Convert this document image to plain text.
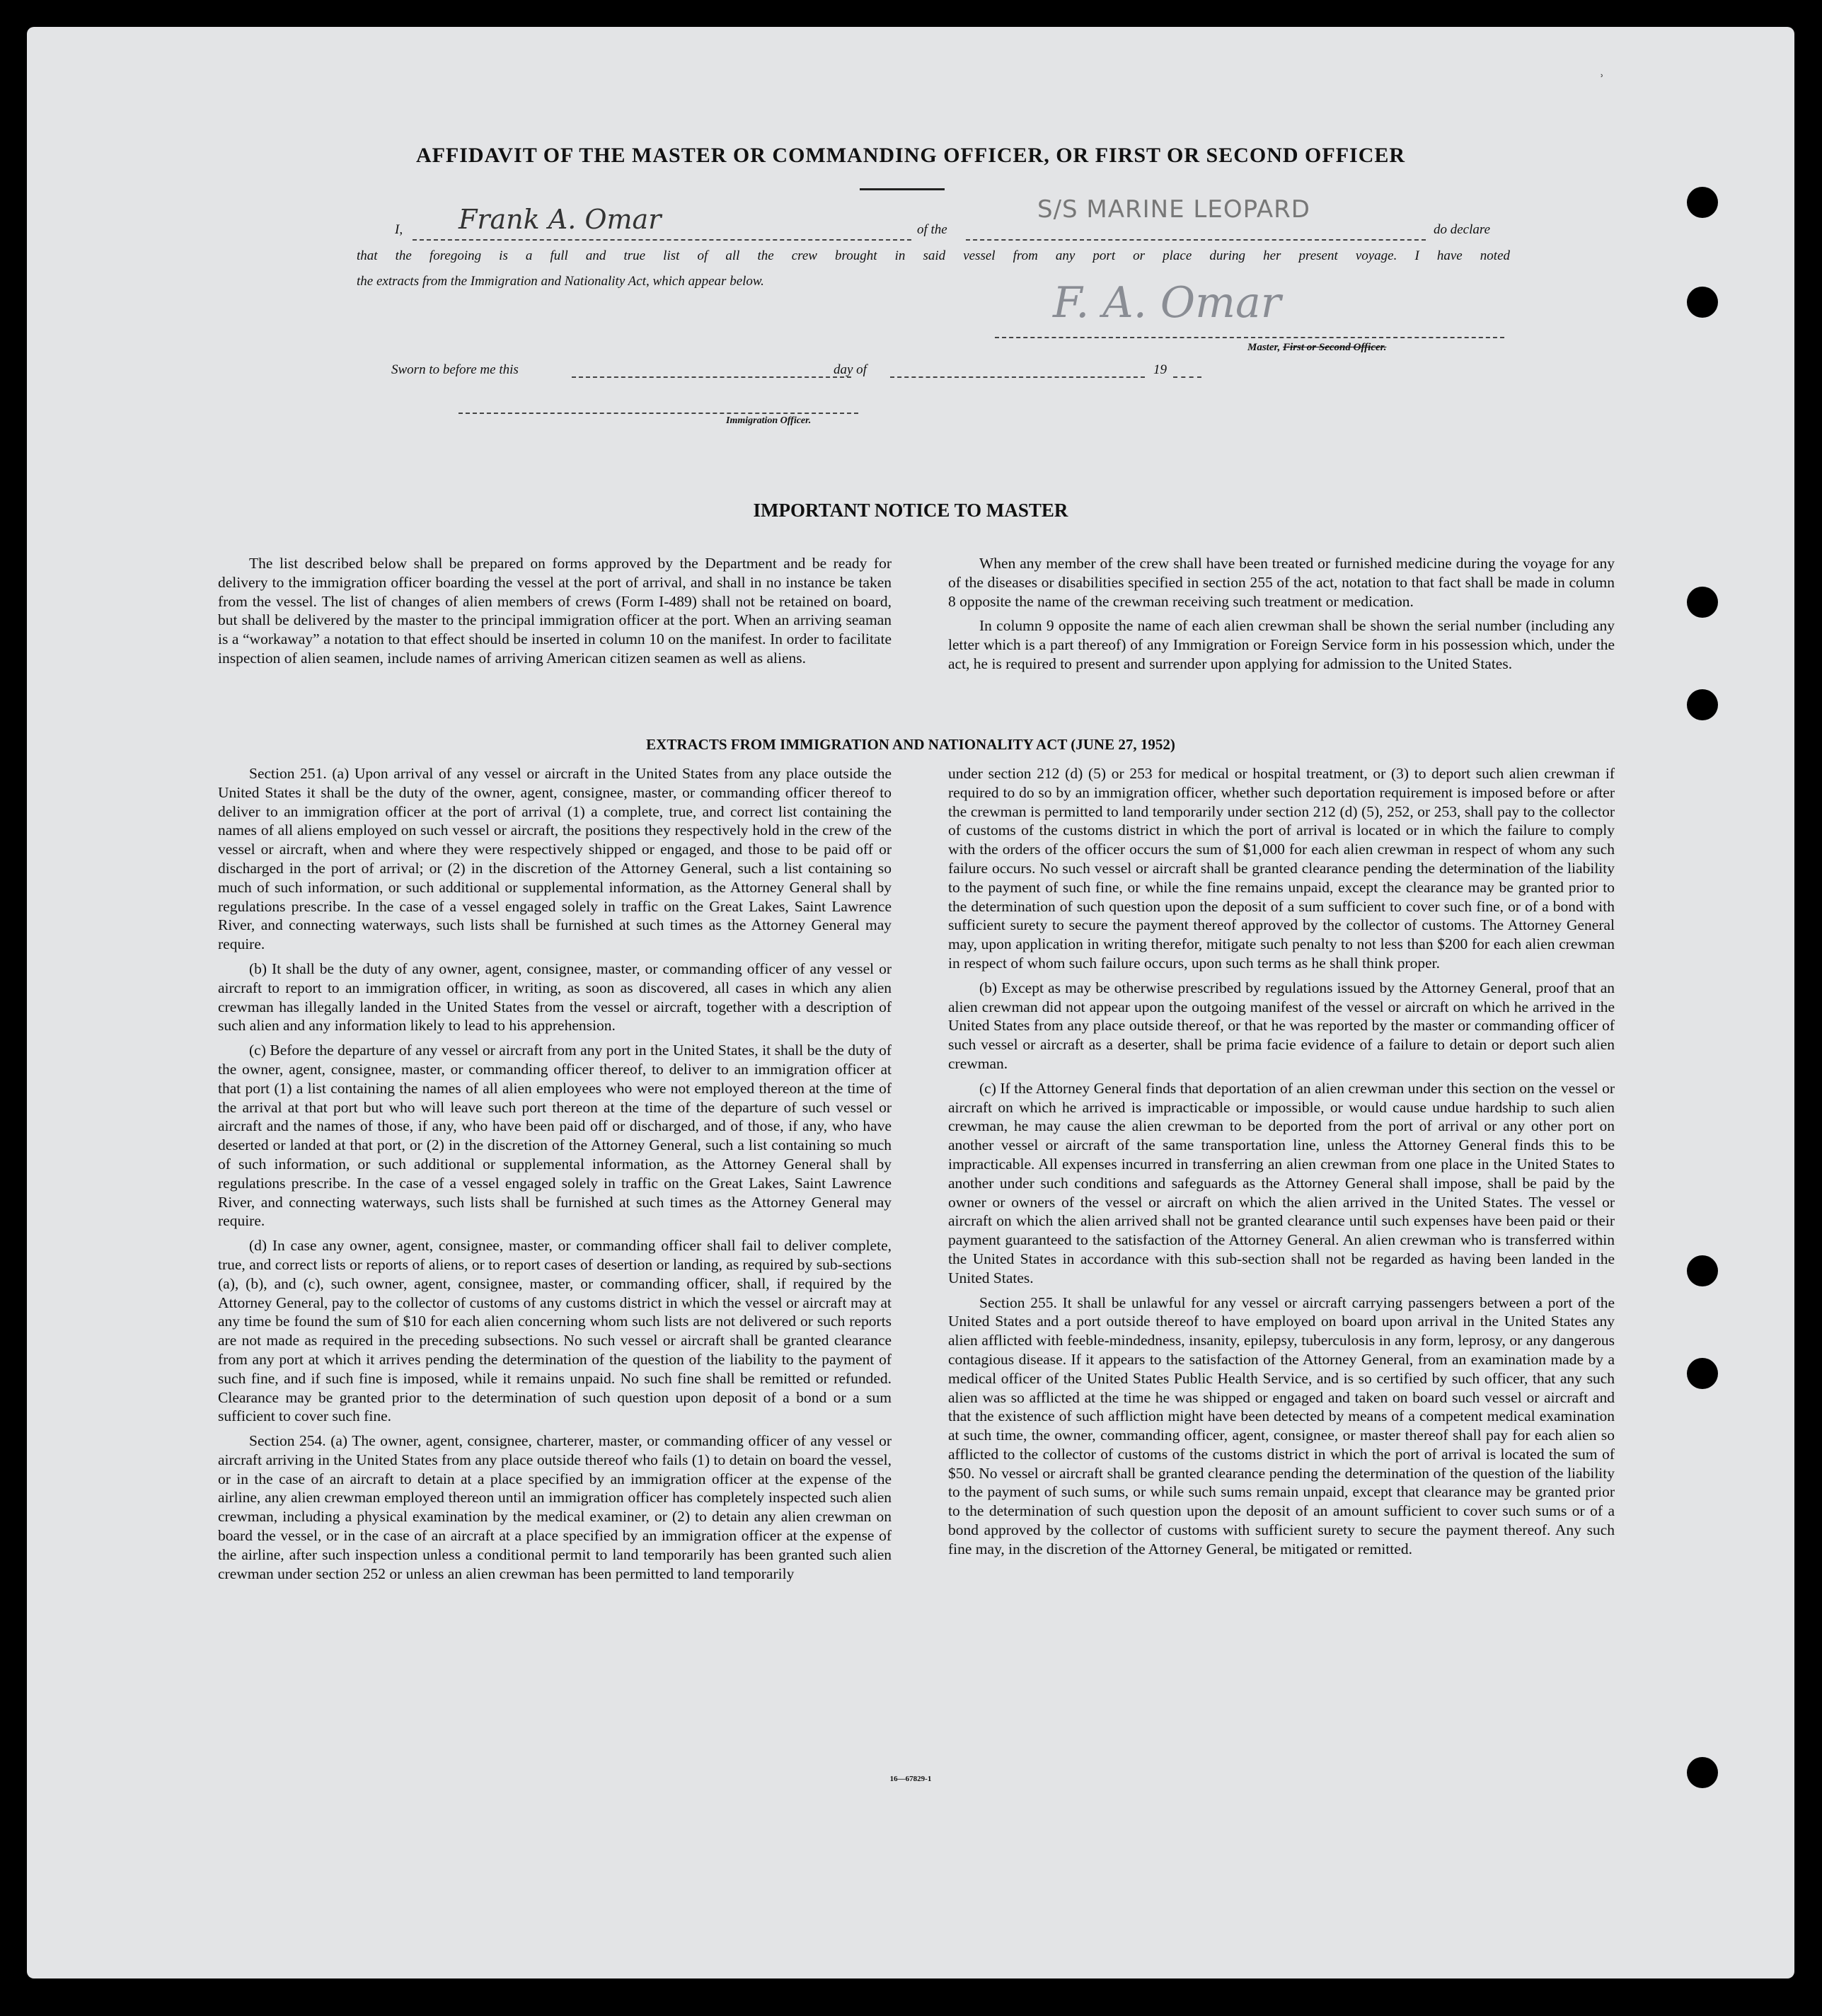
˒
AFFIDAVIT OF THE MASTER OR COMMANDING OFFICER, OR FIRST OR SECOND OFFICER
I, Frank A. Omar	of the
S/S MARINE LEOPARD
do declare
that the foregoing is a full and true list of all the crew brought in said vessel from any port or place during her present voyage. I have noted
the extracts from the Immigration and Nationality Act, which appear below.	F. A. Omar
Master, First or Second Officer.
Sworn to before me this	day of	19
Immigration Officer.
IMPORTANT NOTICE TO MASTER

The list described below shall be prepared on forms approved by the Department and be ready for delivery to the immigration officer boarding the vessel at the port of arrival, and shall in no instance be taken from the vessel. The list of changes of alien members of crews (Form I-489) shall not be retained on board, but shall be delivered by the master to the principal immigration officer at the port. When an arriving seaman is a “workaway” a notation to that effect should be inserted in column 10 on the manifest. In order to facilitate inspection of alien seamen, include names of arriving American citizen seamen as well as aliens.

When any member of the crew shall have been treated or furnished medicine during the voyage for any of the diseases or disabilities specified in section 255 of the act, notation to that fact shall be made in column 8 opposite the name of the crewman receiving such treatment or medication.

In column 9 opposite the name of each alien crewman shall be shown the serial number (including any letter which is a part thereof) of any Immigration or Foreign Service form in his possession which, under the act, he is required to present and surrender upon applying for admission to the United States.

EXTRACTS FROM IMMIGRATION AND NATIONALITY ACT (JUNE 27, 1952)

Section 251. (a) Upon arrival of any vessel or aircraft in the United States from any place outside the United States it shall be the duty of the owner, agent, consignee, master, or commanding officer thereof to deliver to an immigration officer at the port of arrival (1) a complete, true, and correct list containing the names of all aliens employed on such vessel or aircraft, the positions they respectively hold in the crew of the vessel or aircraft, when and where they were respectively shipped or engaged, and those to be paid off or discharged in the port of arrival; or (2) in the discretion of the Attorney General, such a list containing so much of such information, or such additional or supplemental information, as the Attorney General shall by regulations prescribe. In the case of a vessel engaged solely in traffic on the Great Lakes, Saint Lawrence River, and connecting waterways, such lists shall be furnished at such times as the Attorney General may require.

(b) It shall be the duty of any owner, agent, consignee, master, or commanding officer of any vessel or aircraft to report to an immigration officer, in writing, as soon as discovered, all cases in which any alien crewman has illegally landed in the United States from the vessel or aircraft, together with a description of such alien and any information likely to lead to his apprehension.

(c) Before the departure of any vessel or aircraft from any port in the United States, it shall be the duty of the owner, agent, consignee, master, or commanding officer thereof, to deliver to an immigration officer at that port (1) a list containing the names of all alien employees who were not employed thereon at the time of the arrival at that port but who will leave such port thereon at the time of the departure of such vessel or aircraft and the names of those, if any, who have been paid off or discharged, and of those, if any, who have deserted or landed at that port, or (2) in the discretion of the Attorney General, such a list containing so much of such information, or such additional or supplemental information, as the Attorney General shall by regulations prescribe. In the case of a vessel engaged solely in traffic on the Great Lakes, Saint Lawrence River, and connecting waterways, such lists shall be furnished at such times as the Attorney General may require.

(d) In case any owner, agent, consignee, master, or commanding officer shall fail to deliver complete, true, and correct lists or reports of aliens, or to report cases of desertion or landing, as required by sub-sections (a), (b), and (c), such owner, agent, consignee, master, or commanding officer, shall, if required by the Attorney General, pay to the collector of customs of any customs district in which the vessel or aircraft may at any time be found the sum of $10 for each alien concerning whom such lists are not delivered or such reports are not made as required in the preceding subsections. No such vessel or aircraft shall be granted clearance from any port at which it arrives pending the determination of the question of the liability to the payment of such fine, and if such fine is imposed, while it remains unpaid. No such fine shall be remitted or refunded. Clearance may be granted prior to the determination of such question upon deposit of a bond or a sum sufficient to cover such fine.

Section 254. (a) The owner, agent, consignee, charterer, master, or commanding officer of any vessel or aircraft arriving in the United States from any place outside thereof who fails (1) to detain on board the vessel, or in the case of an aircraft to detain at a place specified by an immigration officer at the expense of the airline, any alien crewman employed thereon until an immigration officer has completely inspected such alien crewman, including a physical examination by the medical examiner, or (2) to detain any alien crewman on board the vessel, or in the case of an aircraft at a place specified by an immigration officer at the expense of the airline, after such inspection unless a conditional permit to land temporarily has been granted such alien crewman under section 252 or unless an alien crewman has been permitted to land temporarily

under section 212 (d) (5) or 253 for medical or hospital treatment, or (3) to deport such alien crewman if required to do so by an immigration officer, whether such deportation requirement is imposed before or after the crewman is permitted to land temporarily under section 212 (d) (5), 252, or 253, shall pay to the collector of customs of the customs district in which the port of arrival is located or in which the failure to comply with the orders of the officer occurs the sum of $1,000 for each alien crewman in respect of whom any such failure occurs. No such vessel or aircraft shall be granted clearance pending the determination of the liability to the payment of such fine, or while the fine remains unpaid, except the clearance may be granted prior to the determination of such question upon the deposit of a sum sufficient to cover such fine, or of a bond with sufficient surety to secure the payment thereof approved by the collector of customs. The Attorney General may, upon application in writing therefor, mitigate such penalty to not less than $200 for each alien crewman in respect of whom such failure occurs, upon such terms as he shall think proper.

(b) Except as may be otherwise prescribed by regulations issued by the Attorney General, proof that an alien crewman did not appear upon the outgoing manifest of the vessel or aircraft on which he arrived in the United States from any place outside thereof, or that he was reported by the master or commanding officer of such vessel or aircraft as a deserter, shall be prima facie evidence of a failure to detain or deport such alien crewman.

(c) If the Attorney General finds that deportation of an alien crewman under this section on the vessel or aircraft on which he arrived is impracticable or impossible, or would cause undue hardship to such alien crewman, he may cause the alien crewman to be deported from the port of arrival or any other port on another vessel or aircraft of the same transportation line, unless the Attorney General finds this to be impracticable. All expenses incurred in transferring an alien crewman from one place in the United States to another under such conditions and safeguards as the Attorney General shall impose, shall be paid by the owner or owners of the vessel or aircraft on which the alien arrived in the United States. The vessel or aircraft on which the alien arrived shall not be granted clearance until such expenses have been paid or their payment guaranteed to the satisfaction of the Attorney General. An alien crewman who is transferred within the United States in accordance with this sub-section shall not be regarded as having been landed in the United States.

Section 255. It shall be unlawful for any vessel or aircraft carrying passengers between a port of the United States and a port outside thereof to have employed on board upon arrival in the United States any alien afflicted with feeble-mindedness, insanity, epilepsy, tuberculosis in any form, leprosy, or any dangerous contagious disease. If it appears to the satisfaction of the Attorney General, from an examination made by a medical officer of the United States Public Health Service, and is so certified by such officer, that any such alien was so afflicted at the time he was shipped or engaged and taken on board such vessel or aircraft and that the existence of such affliction might have been detected by means of a competent medical examination at such time, the owner, commanding officer, agent, consignee, or master thereof shall pay for each alien so afflicted to the collector of customs of the customs district in which the port of arrival is located the sum of $50. No vessel or aircraft shall be granted clearance pending the determination of the question of the liability to the payment of such sums, or while such sums remain unpaid, except that clearance may be granted prior to the determination of such question upon the deposit of an amount sufficient to cover such sums or of a bond approved by the collector of customs with sufficient surety to secure the payment thereof. Any such fine may, in the discretion of the Attorney General, be mitigated or remitted.

16—67829-1
